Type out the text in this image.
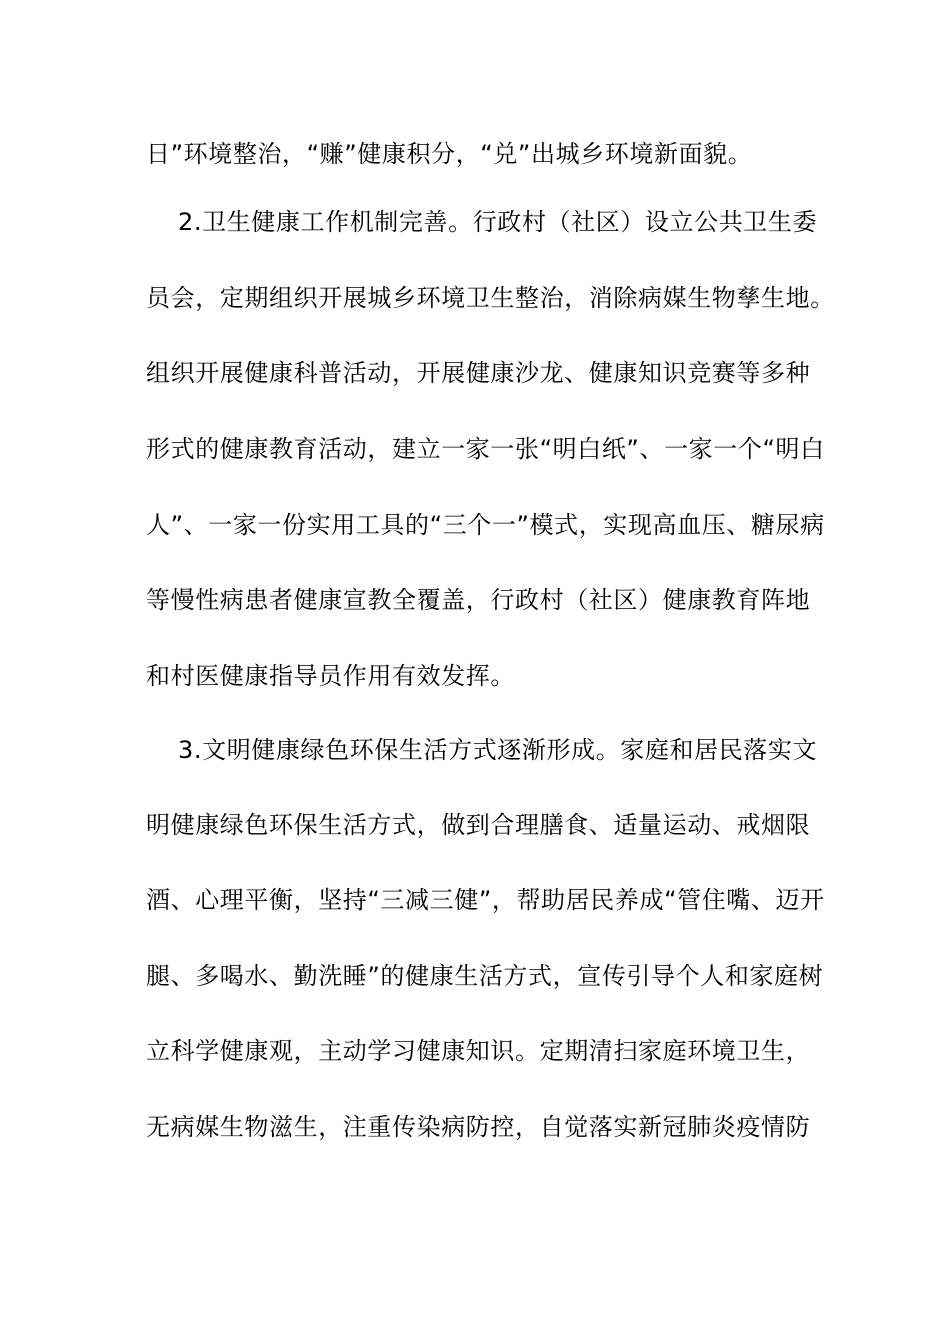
日”环境整治，“赚”健康积分，“兑”出城乡环境新面貌。
2.卫生健康工作机制完善。行政村（社区）设立公共卫生委
员会，定期组织开展城乡环境卫生整治，消除病媒生物孳生地。
组织开展健康科普活动，开展健康沙龙、健康知识竞赛等多种
形式的健康教育活动，建立一家一张“明白纸”、一家一个“明白
人”、一家一份实用工具的“三个一”模式，实现高血压、糖尿病
等慢性病患者健康宣教全覆盖，行政村（社区）健康教育阵地
和村医健康指导员作用有效发挥。
3.文明健康绿色环保生活方式逐渐形成。家庭和居民落实文
明健康绿色环保生活方式，做到合理膳食、适量运动、戒烟限
酒、心理平衡，坚持“三减三健”，帮助居民养成“管住嘴、迈开
腿、多喝水、勤洗睡”的健康生活方式，宣传引导个人和家庭树
立科学健康观，主动学习健康知识。定期清扫家庭环境卫生，
无病媒生物滋生，注重传染病防控，自觉落实新冠肺炎疫情防
